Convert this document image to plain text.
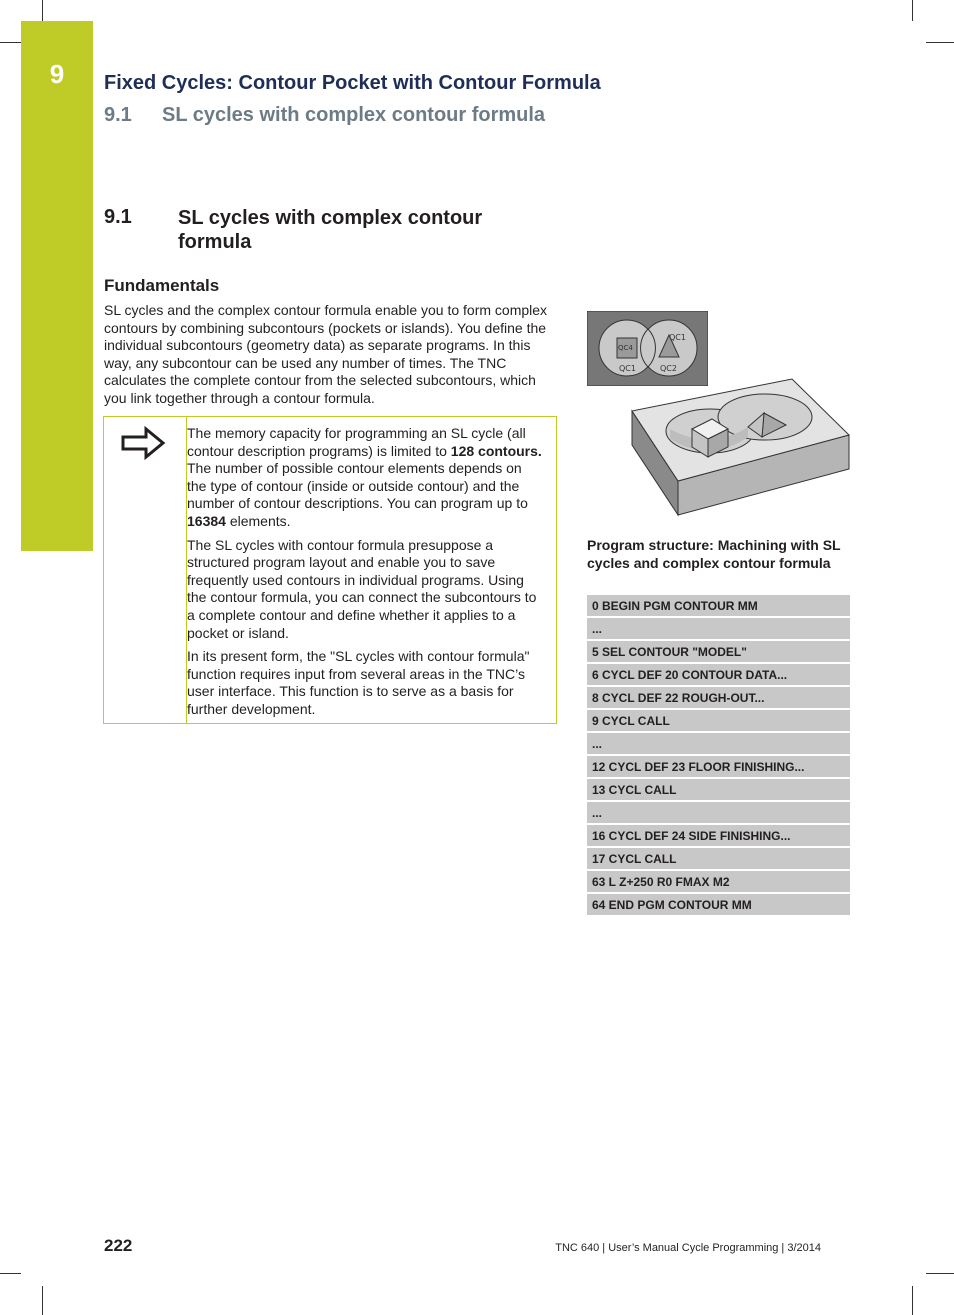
9	Fixed Cycles: Contour Pocket with Contour Formula
9.1 SL cycles with complex contour formula
9.1 SL cycles with complex contour formula
Fundamentals

SL cycles and the complex contour formula enable you to form complex contours by combining subcontours (pockets or islands). You define the individual subcontours (geometry data) as separate programs. In this way, any subcontour can be used any number of times. The TNC calculates the complete contour from the selected subcontours, which you link together through a contour formula.

The memory capacity for programming an SL cycle (all contour description programs) is limited to 128 contours. The number of possible contour elements depends on the type of contour (inside or outside contour) and the number of contour descriptions. You can program up to 16384 elements.

The SL cycles with contour formula presuppose a structured program layout and enable you to save frequently used contours in individual programs. Using the contour formula, you can connect the subcontours to a complete contour and define whether it applies to a pocket or island.

In its present form, the "SL cycles with contour formula" function requires input from several areas in the TNC’s user interface. This function is to serve as a basis for further development.

QC4
QC1
QC1	QC2
Program structure: Machining with SL cycles and complex contour formula
0 BEGIN PGM CONTOUR MM
...
5 SEL CONTOUR "MODEL"
6 CYCL DEF 20 CONTOUR DATA...
8 CYCL DEF 22 ROUGH-OUT...
9 CYCL CALL
...
12 CYCL DEF 23 FLOOR FINISHING...
13 CYCL CALL
...
16 CYCL DEF 24 SIDE FINISHING...
17 CYCL CALL
63 L Z+250 R0 FMAX M2
64 END PGM CONTOUR MM
222	TNC 640 | User’s Manual Cycle Programming | 3/2014
